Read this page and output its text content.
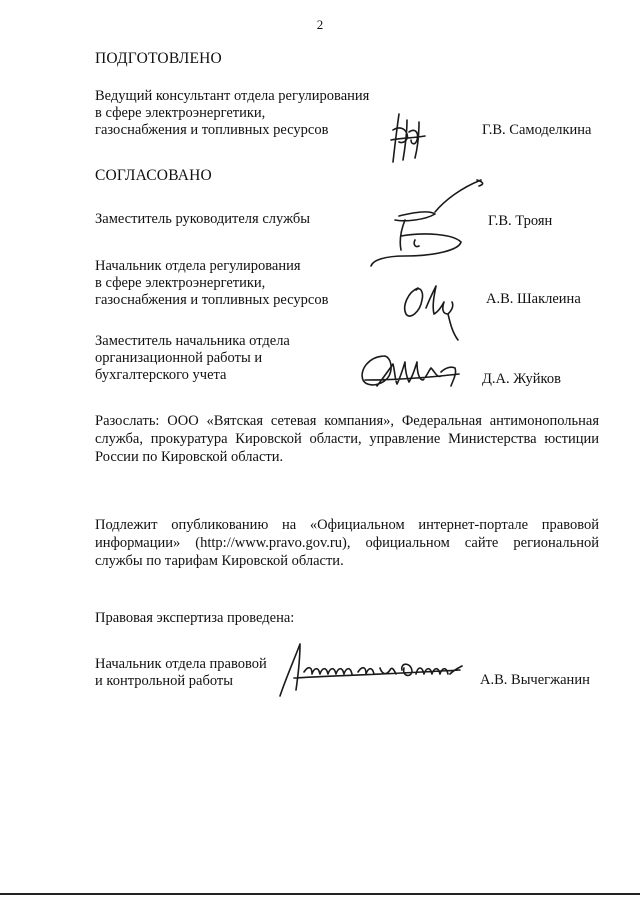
2
ПОДГОТОВЛЕНО
Ведущий консультант отдела регулирования
в сфере электроэнергетики,
газоснабжения и топливных ресурсов	Г.В. Самоделкина
СОГЛАСОВАНО
Заместитель руководителя службы	Г.В. Троян
Начальник отдела регулирования
в сфере электроэнергетики,
газоснабжения и топливных ресурсов	А.В. Шаклеина
Заместитель начальника отдела
организационной работы и
бухгалтерского учета	Д.А. Жуйков
Разослать: ООО «Вятская сетевая компания», Федеральная антимонопольная служба, прокуратура Кировской области, управление Министерства юстиции России по Кировской области.
Подлежит опубликованию на «Официальном интернет-портале правовой информации» (http://www.pravo.gov.ru), официальном сайте региональной службы по тарифам Кировской области.
Правовая экспертиза проведена:
Начальник отдела правовой
и контрольной работы	А.В. Вычегжанин
